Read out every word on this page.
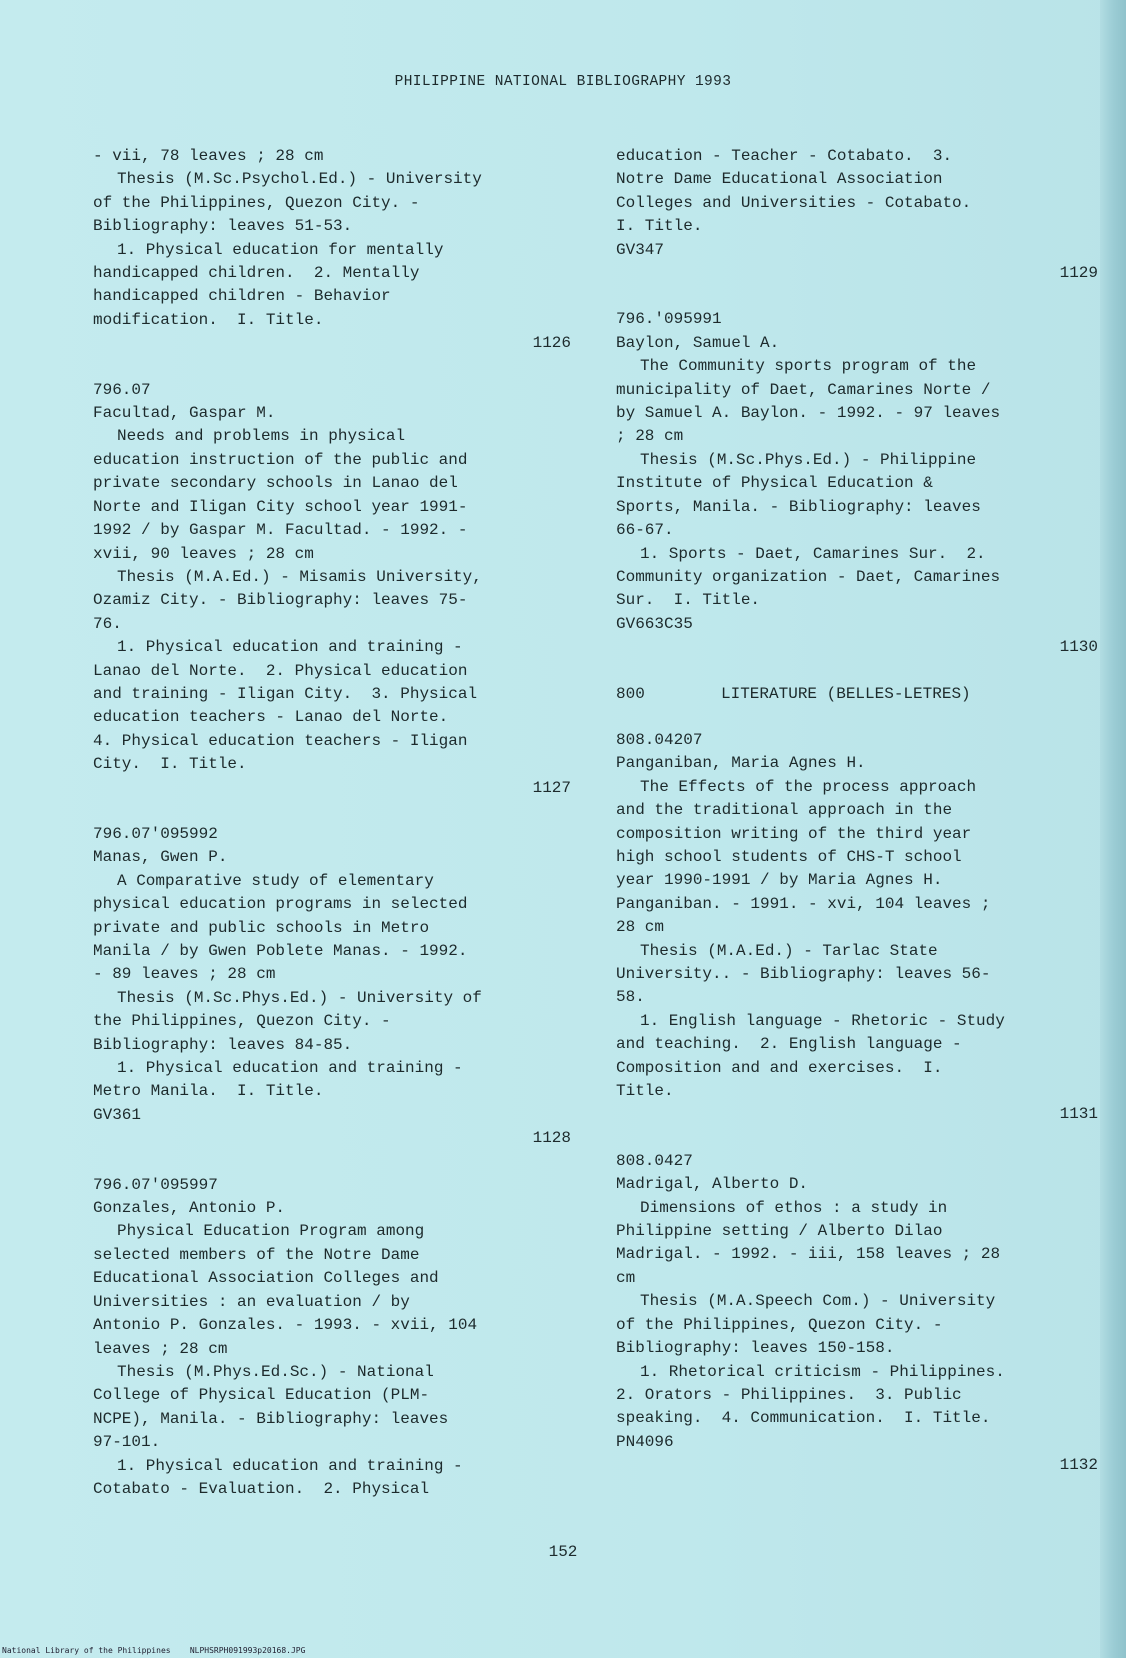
PHILIPPINE NATIONAL BIBLIOGRAPHY 1993

- vii, 78 leaves ; 28 cm

Thesis (M.Sc.Psychol.Ed.) - University

of the Philippines, Quezon City. -

Bibliography: leaves 51-53.

1. Physical education for mentally

handicapped children.  2. Mentally

handicapped children - Behavior

modification.  I. Title.

1126

796.07

Facultad, Gaspar M.

Needs and problems in physical

education instruction of the public and

private secondary schools in Lanao del

Norte and Iligan City school year 1991-

1992 / by Gaspar M. Facultad. - 1992. -

xvii, 90 leaves ; 28 cm

Thesis (M.A.Ed.) - Misamis University,

Ozamiz City. - Bibliography: leaves 75-

76.

1. Physical education and training -

Lanao del Norte.  2. Physical education

and training - Iligan City.  3. Physical

education teachers - Lanao del Norte.

4. Physical education teachers - Iligan

City.  I. Title.

1127

796.07'095992

Manas, Gwen P.

A Comparative study of elementary

physical education programs in selected

private and public schools in Metro

Manila / by Gwen Poblete Manas. - 1992.

- 89 leaves ; 28 cm

Thesis (M.Sc.Phys.Ed.) - University of

the Philippines, Quezon City. -

Bibliography: leaves 84-85.

1. Physical education and training -

Metro Manila.  I. Title.

GV361

1128

796.07'095997

Gonzales, Antonio P.

Physical Education Program among

selected members of the Notre Dame

Educational Association Colleges and

Universities : an evaluation / by

Antonio P. Gonzales. - 1993. - xvii, 104

leaves ; 28 cm

Thesis (M.Phys.Ed.Sc.) - National

College of Physical Education (PLM-

NCPE), Manila. - Bibliography: leaves

97-101.

1. Physical education and training -

Cotabato - Evaluation.  2. Physical

education - Teacher - Cotabato.  3.

Notre Dame Educational Association

Colleges and Universities - Cotabato.

I. Title.

GV347

1129

796.'095991

Baylon, Samuel A.

The Community sports program of the

municipality of Daet, Camarines Norte /

by Samuel A. Baylon. - 1992. - 97 leaves

; 28 cm

Thesis (M.Sc.Phys.Ed.) - Philippine

Institute of Physical Education &

Sports, Manila. - Bibliography: leaves

66-67.

1. Sports - Daet, Camarines Sur.  2.

Community organization - Daet, Camarines

Sur.  I. Title.

GV663C35

1130

800	LITERATURE (BELLES-LETRES)

808.04207

Panganiban, Maria Agnes H.

The Effects of the process approach

and the traditional approach in the

composition writing of the third year

high school students of CHS-T school

year 1990-1991 / by Maria Agnes H.

Panganiban. - 1991. - xvi, 104 leaves ;

28 cm

Thesis (M.A.Ed.) - Tarlac State

University.. - Bibliography: leaves 56-

58.

1. English language - Rhetoric - Study

and teaching.  2. English language -

Composition and and exercises.  I.

Title.

1131

808.0427

Madrigal, Alberto D.

Dimensions of ethos : a study in

Philippine setting / Alberto Dilao

Madrigal. - 1992. - iii, 158 leaves ; 28

cm

Thesis (M.A.Speech Com.) - University

of the Philippines, Quezon City. -

Bibliography: leaves 150-158.

1. Rhetorical criticism - Philippines.

2. Orators - Philippines.  3. Public

speaking.  4. Communication.  I. Title.

PN4096

1132

152
National Library of the Philippines    NLPHSRPH091993p20168.JPG
